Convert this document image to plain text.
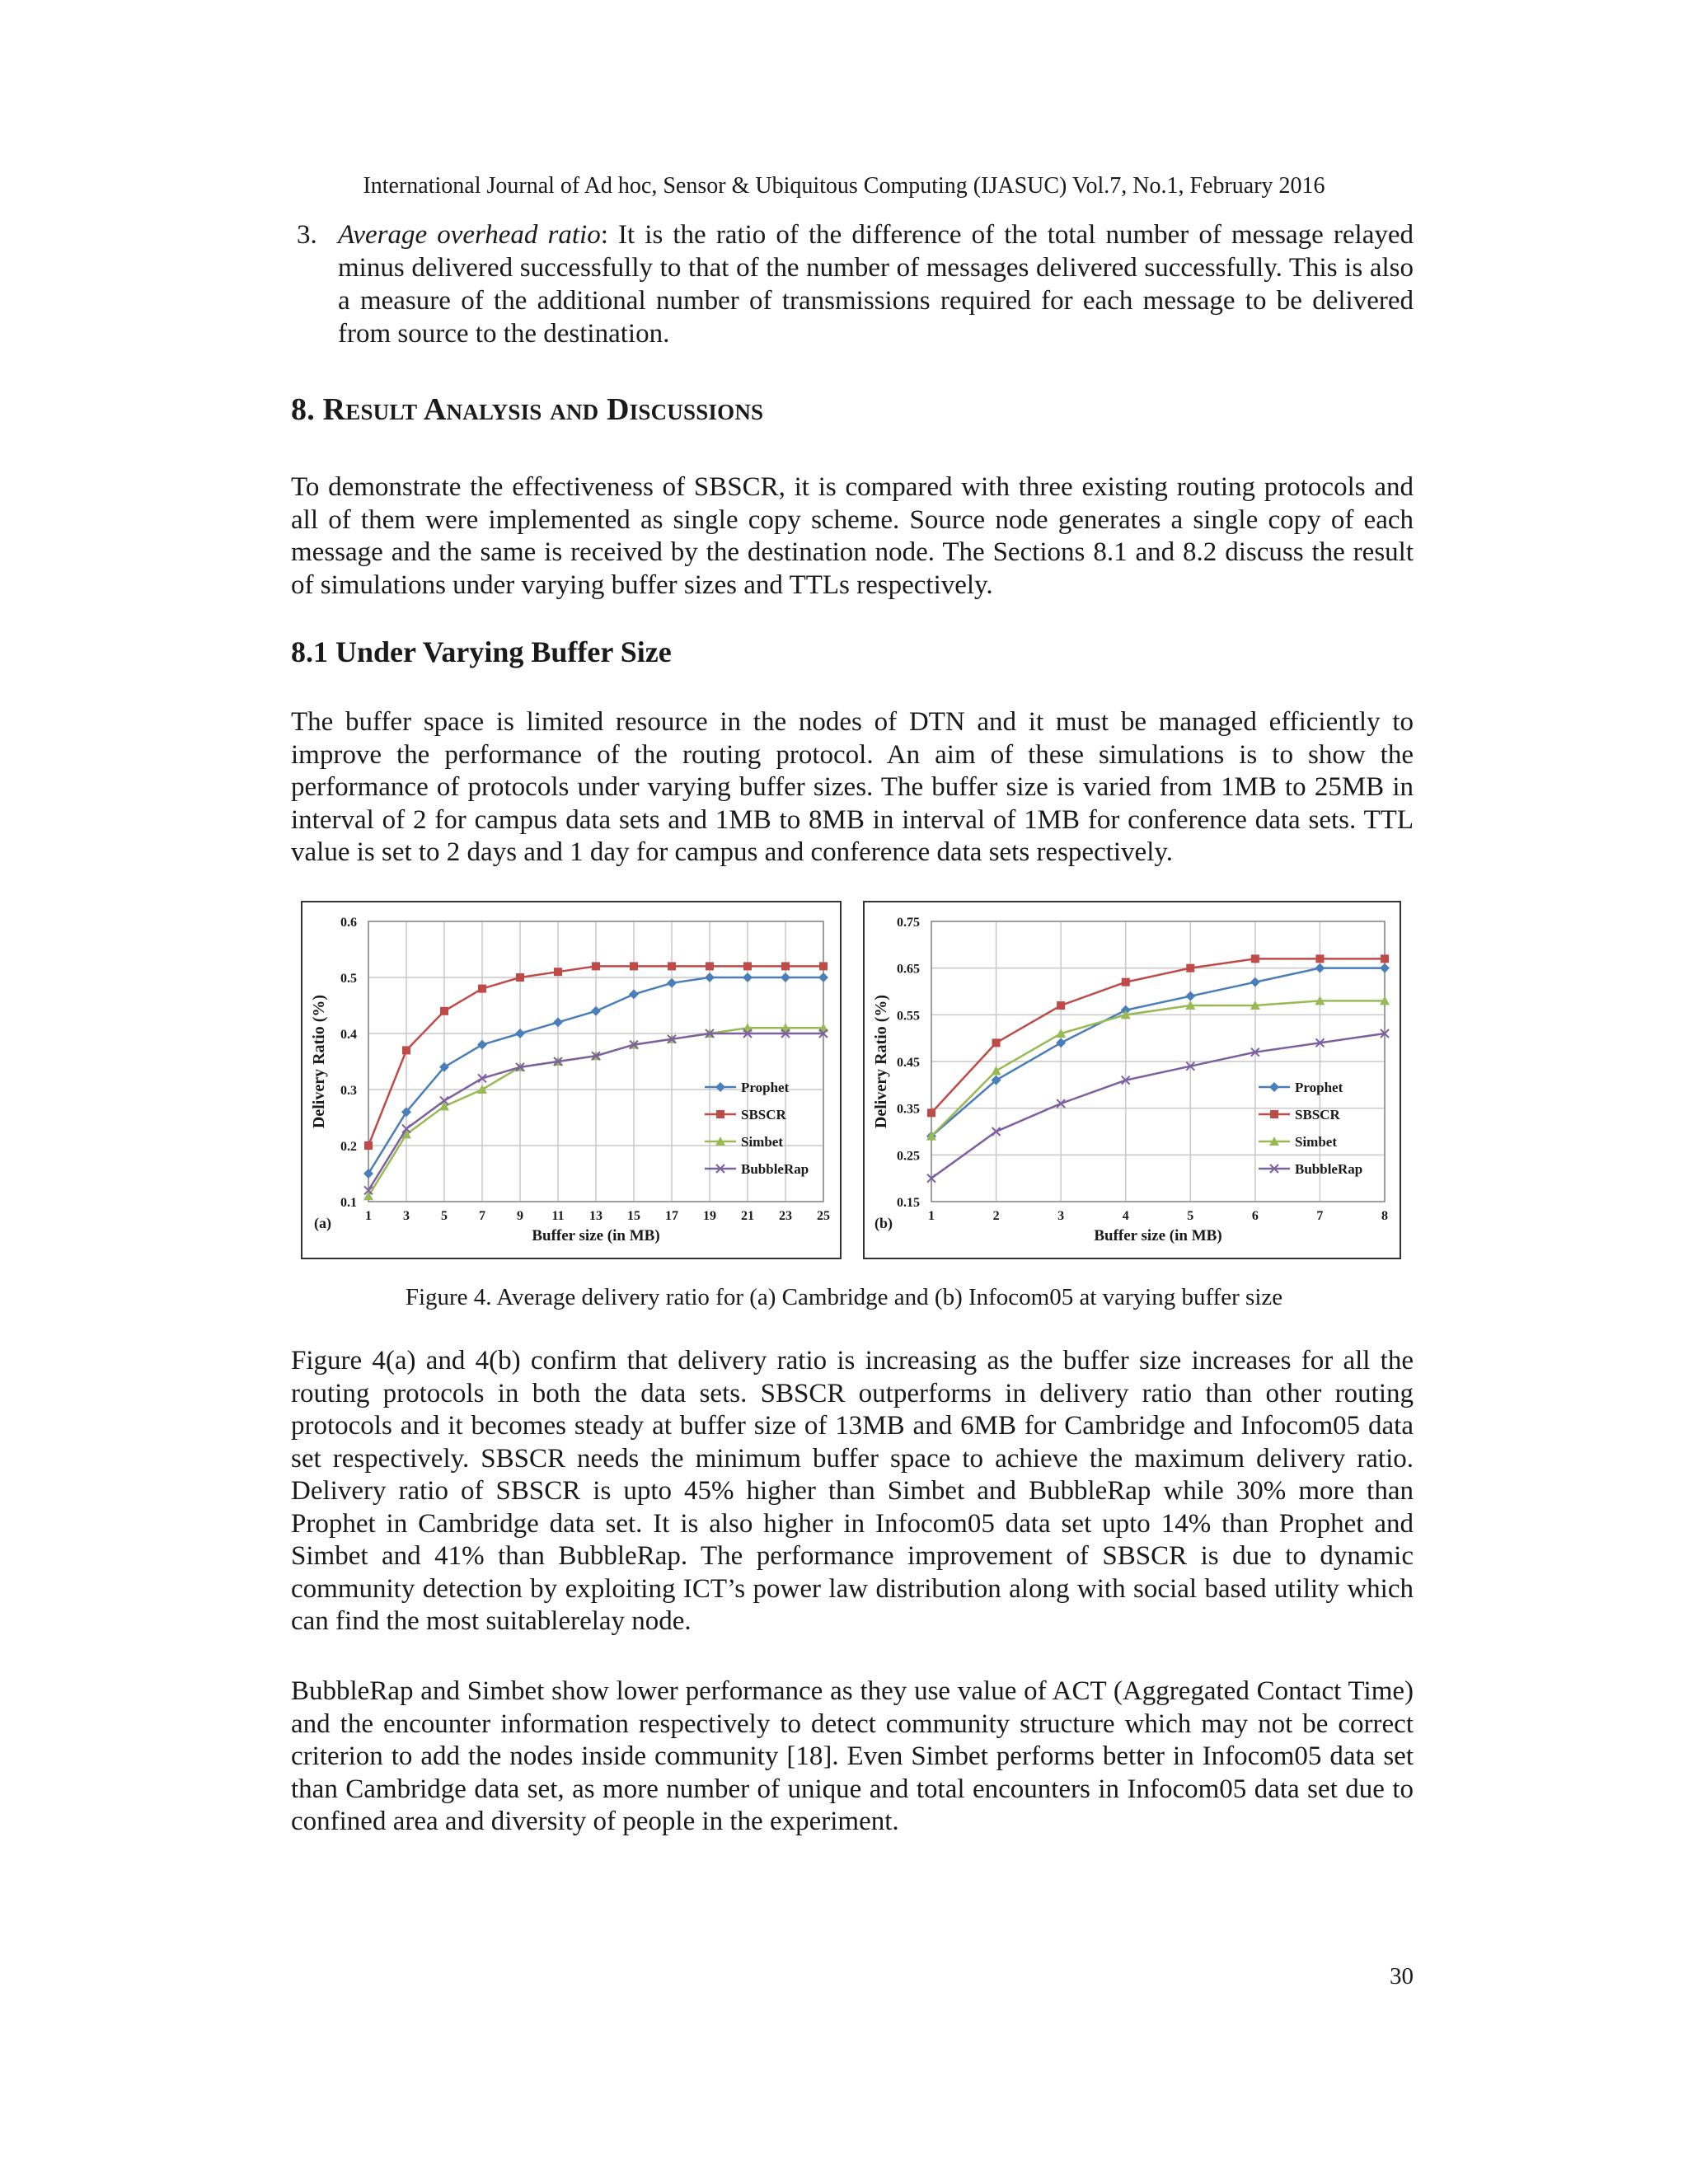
International Journal of Ad hoc, Sensor & Ubiquitous Computing (IJASUC) Vol.7, No.1, February 2016
3. Average overhead ratio: It is the ratio of the difference of the total number of message relayed minus delivered successfully to that of the number of messages delivered successfully. This is also a measure of the additional number of transmissions required for each message to be delivered from source to the destination.
8. Result Analysis and Discussions
To demonstrate the effectiveness of SBSCR, it is compared with three existing routing protocols and all of them were implemented as single copy scheme. Source node generates a single copy of each message and the same is received by the destination node. The Sections 8.1 and 8.2 discuss the result of simulations under varying buffer sizes and TTLs respectively.
8.1 Under Varying Buffer Size
The buffer space is limited resource in the nodes of DTN and it must be managed efficiently to improve the performance of the routing protocol. An aim of these simulations is to show the performance of protocols under varying buffer sizes. The buffer size is varied from 1MB to 25MB in interval of 2 for campus data sets and 1MB to 8MB in interval of 1MB for conference data sets. TTL value is set to 2 days and 1 day for campus and conference data sets respectively.
0.1
0.2
0.3
0.4
0.5
0.6
1 3 5 7 9 11 13 15 17 19 21 23 25
Prophet
SBSCR
Simbet
BubbleRap
Buffer size (in MB)
Delivery Ratio (%)
(a)
0.15
0.25
0.35
0.45
0.55
0.65
0.75
1	2	3	4	5	6	7	8
Prophet
SBSCR
Simbet
BubbleRap
Buffer size (in MB)
Delivery Ratio (%)
(b)
Figure 4. Average delivery ratio for (a) Cambridge and (b) Infocom05 at varying buffer size
Figure 4(a) and 4(b) confirm that delivery ratio is increasing as the buffer size increases for all the routing protocols in both the data sets. SBSCR outperforms in delivery ratio than other routing protocols and it becomes steady at buffer size of 13MB and 6MB for Cambridge and Infocom05 data set respectively. SBSCR needs the minimum buffer space to achieve the maximum delivery ratio. Delivery ratio of SBSCR is upto 45% higher than Simbet and BubbleRap while 30% more than Prophet in Cambridge data set. It is also higher in Infocom05 data set upto 14% than Prophet and Simbet and 41% than BubbleRap. The performance improvement of SBSCR is due to dynamic community detection by exploiting ICT’s power law distribution along with social based utility which can find the most suitablerelay node.
BubbleRap and Simbet show lower performance as they use value of ACT (Aggregated Contact Time) and the encounter information respectively to detect community structure which may not be correct criterion to add the nodes inside community [18]. Even Simbet performs better in Infocom05 data set than Cambridge data set, as more number of unique and total encounters in Infocom05 data set due to confined area and diversity of people in the experiment.
30
